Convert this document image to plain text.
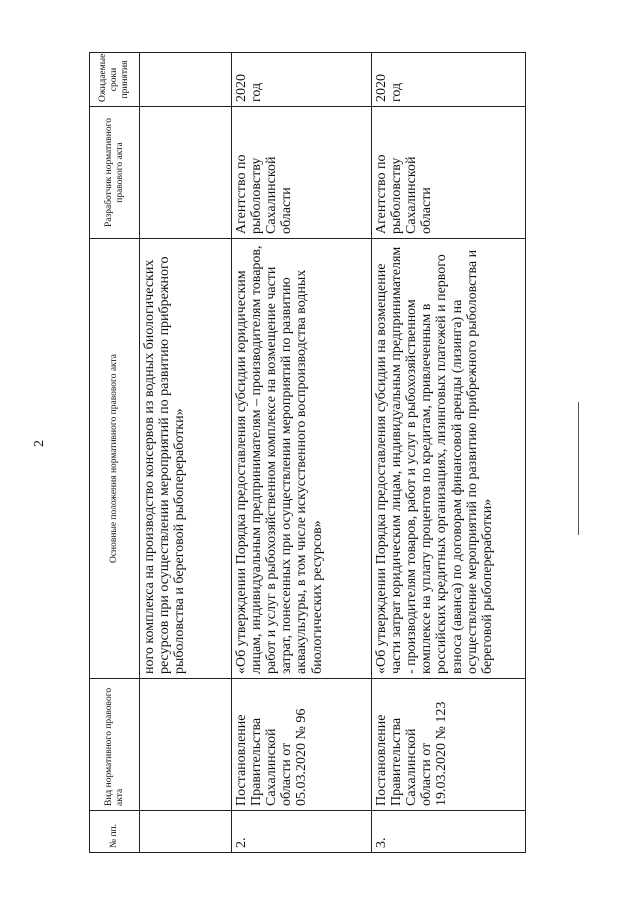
2
№ пп.	Вид нормативного правового акта	Основные положения нормативного правового акта	Разработчик нормативного правового акта	Ожидаемые сроки принятия
		ного комплекса на производство консервов из водных биологических ресурсов при осуществлении мероприятий по развитию прибрежного рыболовства и береговой рыбопереработки»		
2.	Постановление Правительства Сахалинской области от 05.03.2020 № 96	«Об утверждении Порядка предоставления субсидии юридическим лицам, индивидуальным предпринимателям – производителям товаров, работ и услуг в рыбохозяйственном комплексе на возмещение части затрат, понесенных при осуществлении мероприятий по развитию аквакультуры, в том числе искусственного воспроизводства водных биологических ресурсов»	Агентство по рыболовству Сахалинской области	2020 год
3.	Постановление Правительства Сахалинской области от 19.03.2020 № 123	«Об утверждении Порядка предоставления субсидии на возмещение части затрат юридическим лицам, индивидуальным предпринимателям - производителям товаров, работ и услуг в рыбохозяйственном комплексе на уплату процентов по кредитам, привлеченным в российских кредитных организациях, лизинговых платежей и первого взноса (аванса) по договорам финансовой аренды (лизинга) на осуществление мероприятий по развитию прибрежного рыболовства и береговой рыбопереработки»	Агентство по рыболовству Сахалинской области	2020 год
